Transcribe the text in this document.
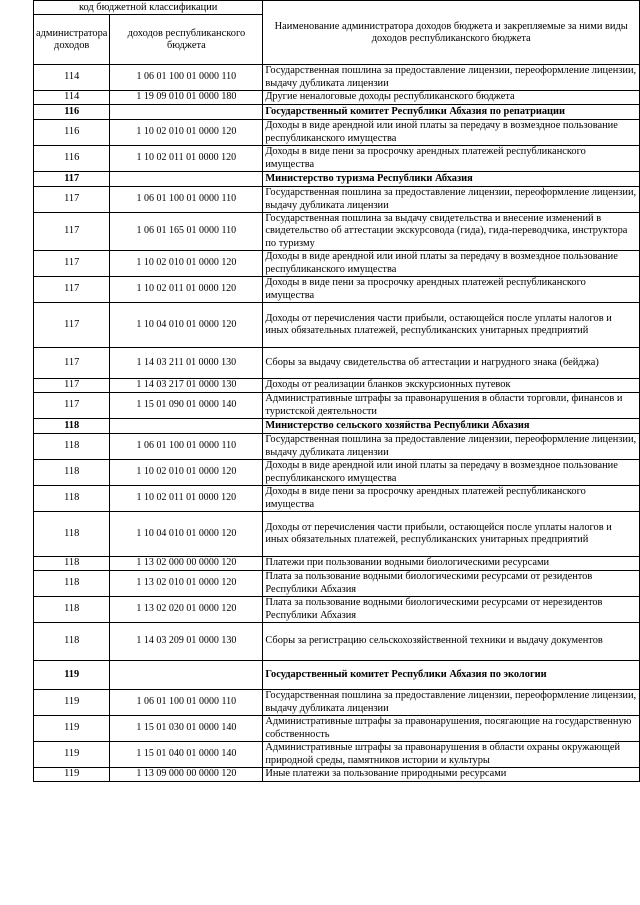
код бюджетной классификации		Наименование администратора доходов бюджета и закрепляемые за ними виды доходов республиканского бюджета
администратора доходов	доходов республиканского бюджета	
114	1 06 01 100 01 0000 110	Государственная пошлина за предоставление лицензии, переоформление лицензии, выдачу дубликата лицензии
114	1 19 09 010 01 0000 180	Другие неналоговые доходы республиканского бюджета
116		Государственный комитет Республики Абхазия по репатриации
116	1 10 02 010 01 0000 120	Доходы в виде арендной или иной платы за передачу в возмездное пользование республиканского имущества
116	1 10 02 011 01 0000 120	Доходы в виде пени за просрочку арендных платежей республиканского имущества
117		Министерство туризма Республики Абхазия
117	1 06 01 100 01 0000 110	Государственная пошлина за предоставление лицензии, переоформление лицензии, выдачу дубликата лицензии
117	1 06 01 165 01 0000 110	Государственная пошлина за выдачу свидетельства и внесение изменений в свидетельство об аттестации экскурсовода (гида), гида-переводчика, инструктора по туризму
117	1 10 02 010 01 0000 120	Доходы в виде арендной или иной платы за передачу в возмездное пользование республиканского имущества
117	1 10 02 011 01 0000 120	Доходы в виде пени за просрочку арендных платежей республиканского имущества
117	1 10 04 010 01 0000 120	Доходы от перечисления части прибыли, остающейся после уплаты налогов и иных обязательных платежей, республиканских унитарных предприятий
117	1 14 03 211 01 0000 130	Сборы за выдачу свидетельства об аттестации и нагрудного знака (бейджа)
117	1 14 03 217 01 0000 130	Доходы от реализации бланков экскурсионных путевок
117	1 15 01 090 01 0000 140	Административные штрафы за правонарушения в области торговли, финансов и туристской деятельности
118		Министерство сельского хозяйства Республики Абхазия
118	1 06 01 100 01 0000 110	Государственная пошлина за предоставление лицензии, переоформление лицензии, выдачу дубликата лицензии
118	1 10 02 010 01 0000 120	Доходы в виде арендной или иной платы за передачу в возмездное пользование республиканского имущества
118	1 10 02 011 01 0000 120	Доходы в виде пени за просрочку арендных платежей республиканского имущества
118	1 10 04 010 01 0000 120	Доходы от перечисления части прибыли, остающейся после уплаты налогов и иных обязательных платежей, республиканских унитарных предприятий
118	1 13 02 000 00 0000 120	Платежи при пользовании водными биологическими ресурсами
118	1 13 02 010 01 0000 120	Плата за пользование водными биологическими ресурсами от резидентов Республики Абхазия
118	1 13 02 020 01 0000 120	Плата за пользование водными биологическими ресурсами от нерезидентов Республики Абхазия
118	1 14 03 209 01 0000 130	Сборы за регистрацию сельскохозяйственной техники и выдачу документов
119		Государственный комитет Республики Абхазия по экологии
119	1 06 01 100 01 0000 110	Государственная пошлина за предоставление лицензии, переоформление лицензии, выдачу дубликата лицензии
119	1 15 01 030 01 0000 140	Административные штрафы за правонарушения, посягающие на государственную собственность
119	1 15 01 040 01 0000 140	Административные штрафы за правонарушения в области охраны окружающей природной среды, памятников истории и культуры
119	1 13 09 000 00 0000 120	Иные платежи за пользование природными ресурсами
